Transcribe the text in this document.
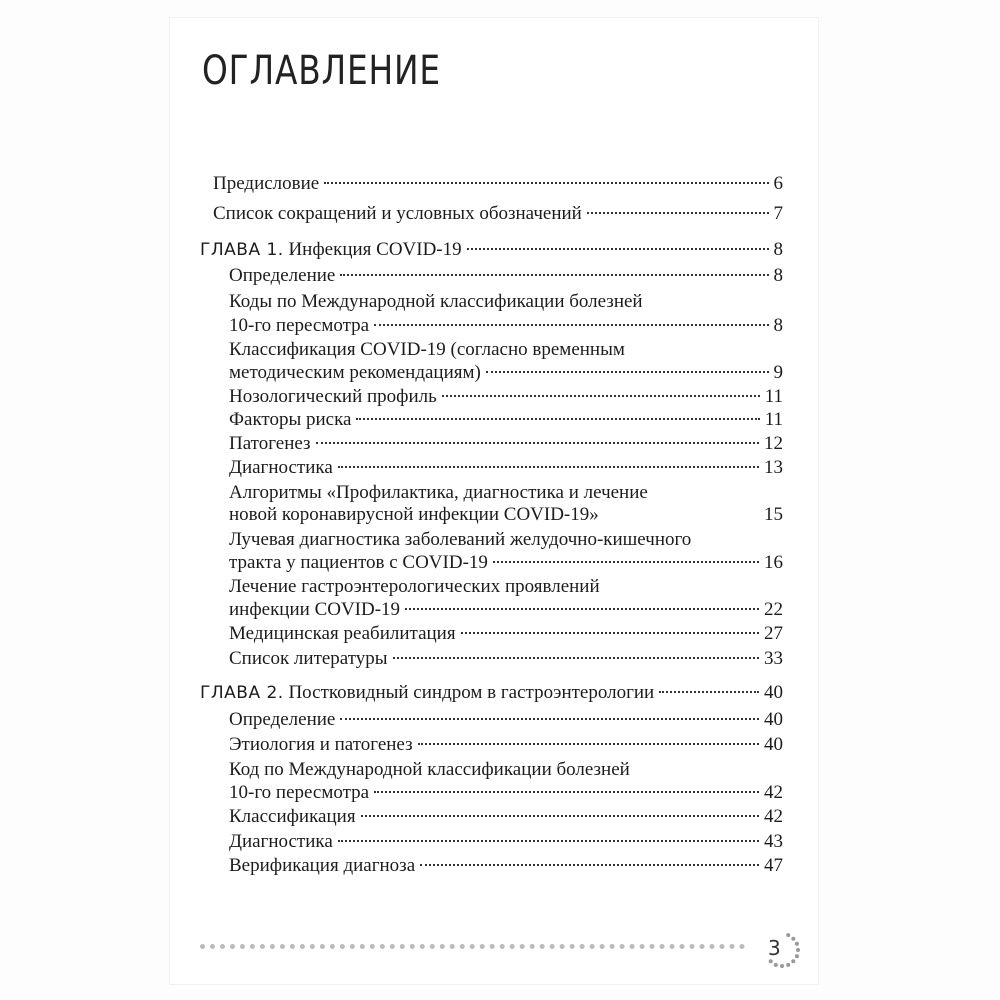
ОГЛАВЛЕНИЕ
Предисловие	6
Список сокращений и условных обозначений	7
ГЛАВА 1. Инфекция COVID-19	8
Определение	8
Коды по Международной классификации болезней
10-го пересмотра	8
Классификация COVID-19 (согласно временным
методическим рекомендациям)	9
Нозологический профиль	11
Факторы риска	11
Патогенез	12
Диагностика	13
Алгоритмы «Профилактика, диагностика и лечение
новой коронавирусной инфекции COVID-19»	15
Лучевая диагностика заболеваний желудочно-кишечного
тракта у пациентов с COVID-19	16
Лечение гастроэнтерологических проявлений
инфекции COVID-19	22
Медицинская реабилитация	27
Список литературы	33
ГЛАВА 2. Постковидный синдром в гастроэнтерологии	40
Определение	40
Этиология и патогенез	40
Код по Международной классификации болезней
10-го пересмотра	42
Классификация	42
Диагностика	43
Верификация диагноза	47
3
